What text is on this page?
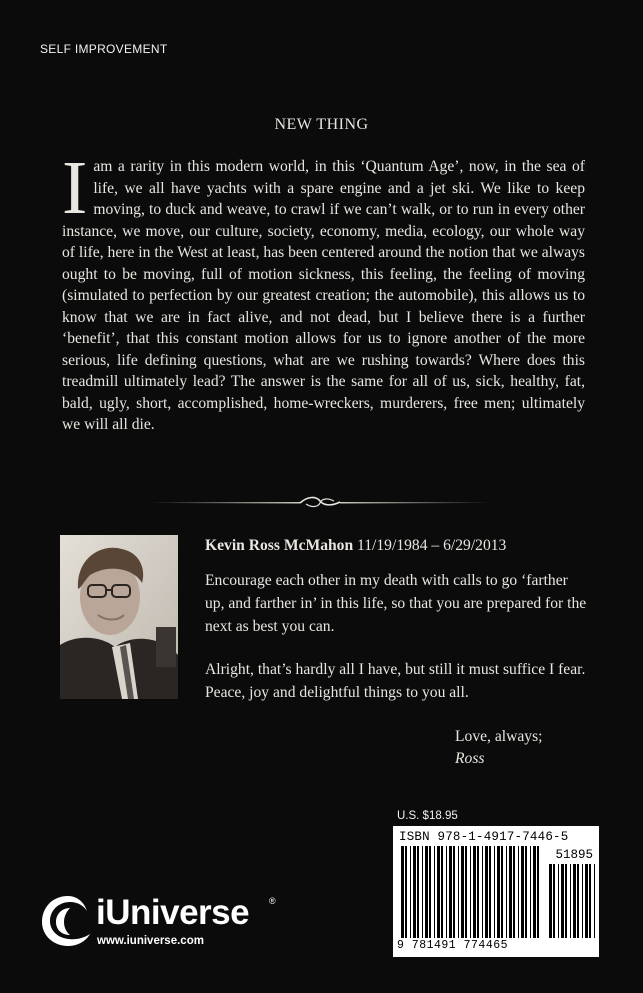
SELF IMPROVEMENT
NEW THING

Iam a rarity in this modern world, in this ‘Quantum Age’, now, in the sea of life, we all have yachts with a spare engine and a jet ski. We like to keep moving, to duck and weave, to crawl if we can’t walk, or to run in every other instance, we move, our culture, society, economy, media, ecology, our whole way of life, here in the West at least, has been centered around the notion that we always ought to be moving, full of motion sickness, this feeling, the feeling of moving (simulated to perfection by our greatest creation; the automobile), this allows us to know that we are in fact alive, and not dead, but I believe there is a further ‘benefit’, that this constant motion allows for us to ignore another of the more serious, life defining questions, what are we rushing towards? Where does this treadmill ultimately lead? The answer is the same for all of us, sick, healthy, fat, bald, ugly, short, accomplished, home-wreckers, murderers, free men; ultimately we will all die.

Kevin Ross McMahon 11/19/1984 – 6/29/2013

Encourage each other in my death with calls to go ‘farther up, and farther in’ in this life, so that you are prepared for the next as best you can.

Alright, that’s hardly all I have, but still it must suffice I fear. Peace, joy and delightful things to you all.

Love, always;
Ross
U.S. $18.95
ISBN 978-1-4917-7446-5
51895
9 781491 774465
iUniverse ®
www.iuniverse.com
